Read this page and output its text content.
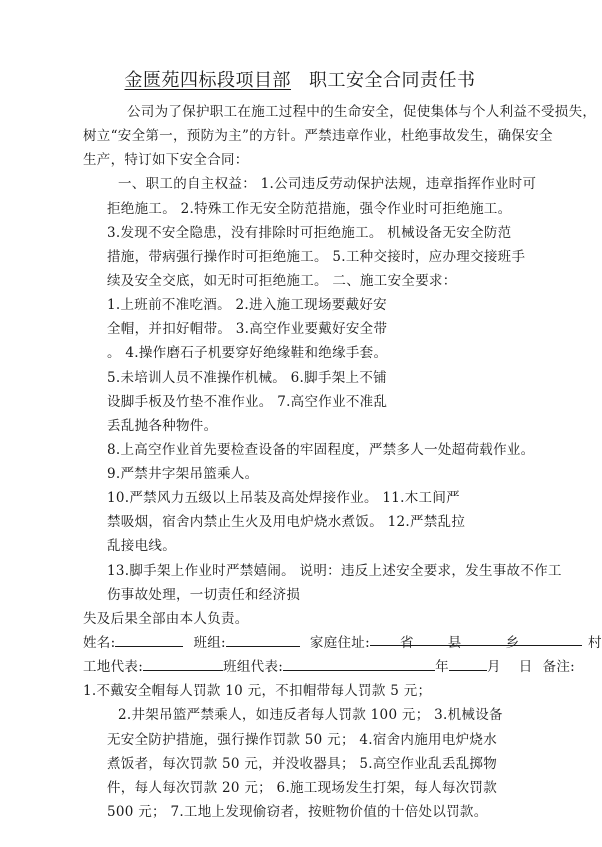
金匮苑四标段项目部 职工安全合同责任书
公司为了保护职工在施工过程中的生命安全，促使集体与个人利益不受损失，
树立“安全第一，预防为主”的方针。严禁违章作业，杜绝事故发生，确保安全
生产，特订如下安全合同：
一、职工的自主权益： 1.公司违反劳动保护法规，违章指挥作业时可
拒绝施工。 2.特殊工作无安全防范措施，强令作业时可拒绝施工。
3.发现不安全隐患，没有排除时可拒绝施工。 机械设备无安全防范
措施，带病强行操作时可拒绝施工。 5.工种交接时，应办理交接班手
续及安全交底，如无时可拒绝施工。 二、施工安全要求：
1.上班前不准吃酒。 2.进入施工现场要戴好安
全帽，并扣好帽带。 3.高空作业要戴好安全带
。 4.操作磨石子机要穿好绝缘鞋和绝缘手套。
5.未培训人员不准操作机械。 6.脚手架上不铺
设脚手板及竹垫不准作业。 7.高空作业不准乱
丢乱抛各种物件。
8.上高空作业首先要检查设备的牢固程度，严禁多人一处超荷载作业。
9.严禁井字架吊篮乘人。
10.严禁风力五级以上吊装及高处焊接作业。 11.木工间严
禁吸烟，宿舍内禁止生火及用电炉烧水煮饭。 12.严禁乱拉
乱接电线。
13.脚手架上作业时严禁嬉闹。 说明：违反上述安全要求，发生事故不作工
伤事故处理，一切责任和经济损
失及后果全部由本人负责。
姓名:	班组:	家庭住址: 省	县	乡	村
工地代表:	班组代表:	年	月 日 备注:
1.不戴安全帽每人罚款 10 元，不扣帽带每人罚款 5 元；
2.井架吊篮严禁乘人，如违反者每人罚款 100 元； 3.机械设备
无安全防护措施，强行操作罚款 50 元； 4.宿舍内施用电炉烧水
煮饭者，每次罚款 50 元，并没收器具； 5.高空作业乱丢乱掷物
件，每人每次罚款 20 元； 6.施工现场发生打架，每人每次罚款
500 元； 7.工地上发现偷窃者，按赃物价值的十倍处以罚款。
